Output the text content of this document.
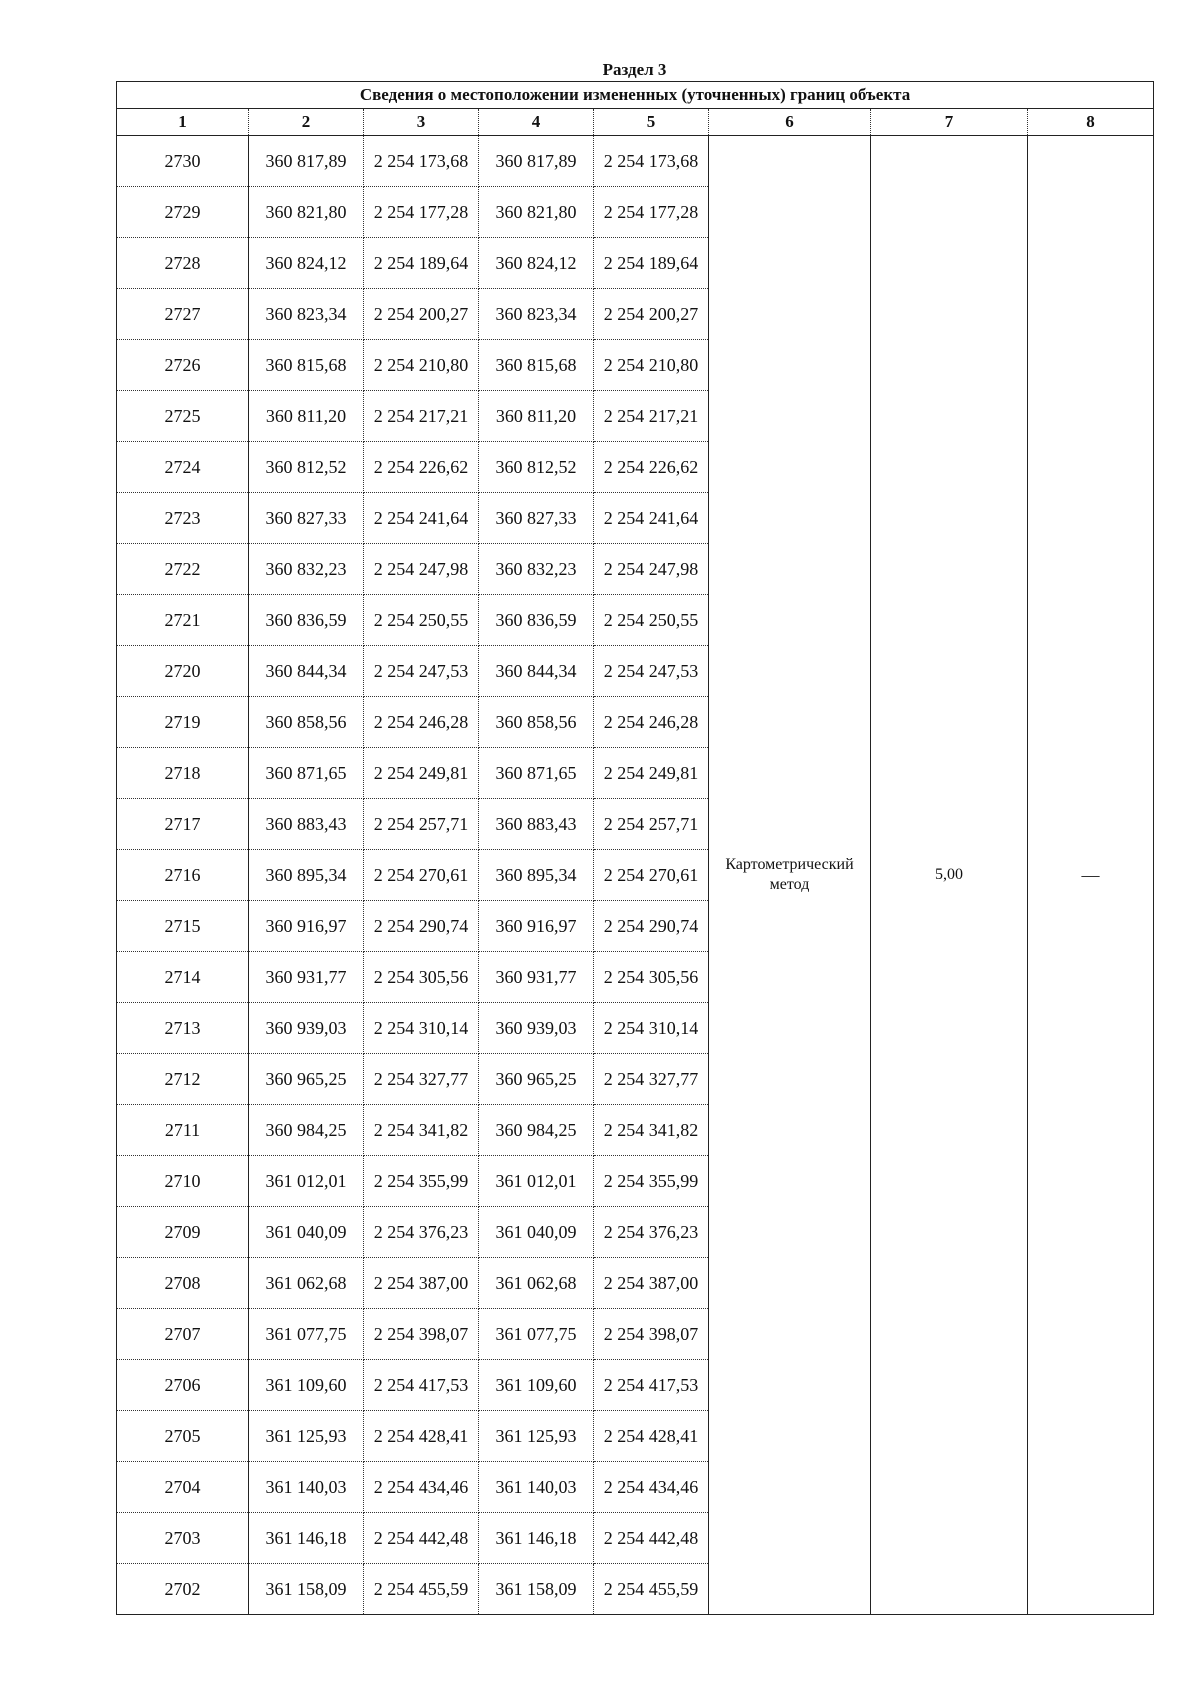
Раздел 3
Сведения о местоположении измененных (уточненных) границ объекта							
1	2	3	4	5	6	7	8
2730	360 817,89	2 254 173,68	360 817,89	2 254 173,68	Картометрический метод	5,00	—
2729	360 821,80	2 254 177,28	360 821,80	2 254 177,28			
2728	360 824,12	2 254 189,64	360 824,12	2 254 189,64			
2727	360 823,34	2 254 200,27	360 823,34	2 254 200,27			
2726	360 815,68	2 254 210,80	360 815,68	2 254 210,80			
2725	360 811,20	2 254 217,21	360 811,20	2 254 217,21			
2724	360 812,52	2 254 226,62	360 812,52	2 254 226,62			
2723	360 827,33	2 254 241,64	360 827,33	2 254 241,64			
2722	360 832,23	2 254 247,98	360 832,23	2 254 247,98			
2721	360 836,59	2 254 250,55	360 836,59	2 254 250,55			
2720	360 844,34	2 254 247,53	360 844,34	2 254 247,53			
2719	360 858,56	2 254 246,28	360 858,56	2 254 246,28			
2718	360 871,65	2 254 249,81	360 871,65	2 254 249,81			
2717	360 883,43	2 254 257,71	360 883,43	2 254 257,71			
2716	360 895,34	2 254 270,61	360 895,34	2 254 270,61			
2715	360 916,97	2 254 290,74	360 916,97	2 254 290,74			
2714	360 931,77	2 254 305,56	360 931,77	2 254 305,56			
2713	360 939,03	2 254 310,14	360 939,03	2 254 310,14			
2712	360 965,25	2 254 327,77	360 965,25	2 254 327,77			
2711	360 984,25	2 254 341,82	360 984,25	2 254 341,82			
2710	361 012,01	2 254 355,99	361 012,01	2 254 355,99			
2709	361 040,09	2 254 376,23	361 040,09	2 254 376,23			
2708	361 062,68	2 254 387,00	361 062,68	2 254 387,00			
2707	361 077,75	2 254 398,07	361 077,75	2 254 398,07			
2706	361 109,60	2 254 417,53	361 109,60	2 254 417,53			
2705	361 125,93	2 254 428,41	361 125,93	2 254 428,41			
2704	361 140,03	2 254 434,46	361 140,03	2 254 434,46			
2703	361 146,18	2 254 442,48	361 146,18	2 254 442,48			
2702	361 158,09	2 254 455,59	361 158,09	2 254 455,59			
